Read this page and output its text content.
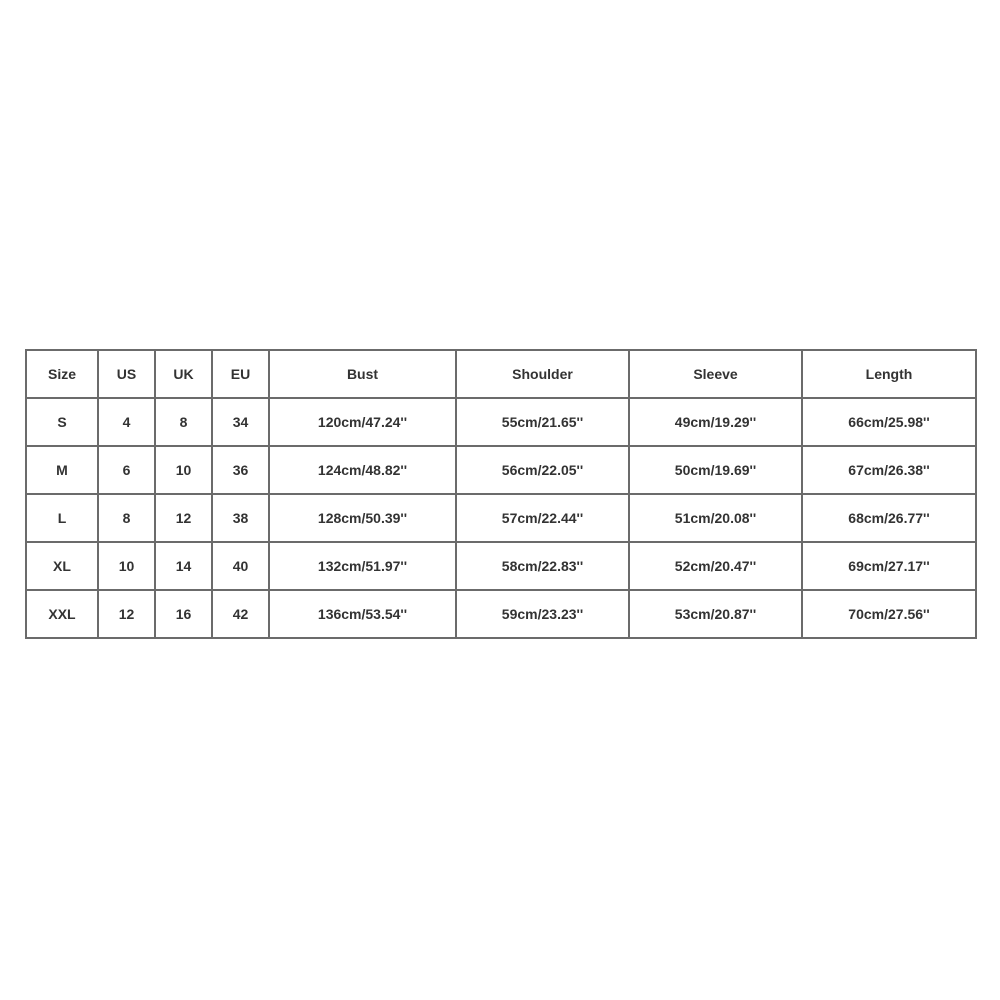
Size	US	UK	EU	Bust	Shoulder	Sleeve	Length
S	4	8	34	120cm/47.24''	55cm/21.65''	49cm/19.29''	66cm/25.98''
M	6	10	36	124cm/48.82''	56cm/22.05''	50cm/19.69''	67cm/26.38''
L	8	12	38	128cm/50.39''	57cm/22.44''	51cm/20.08''	68cm/26.77''
XL	10	14	40	132cm/51.97''	58cm/22.83''	52cm/20.47''	69cm/27.17''
XXL	12	16	42	136cm/53.54''	59cm/23.23''	53cm/20.87''	70cm/27.56''
